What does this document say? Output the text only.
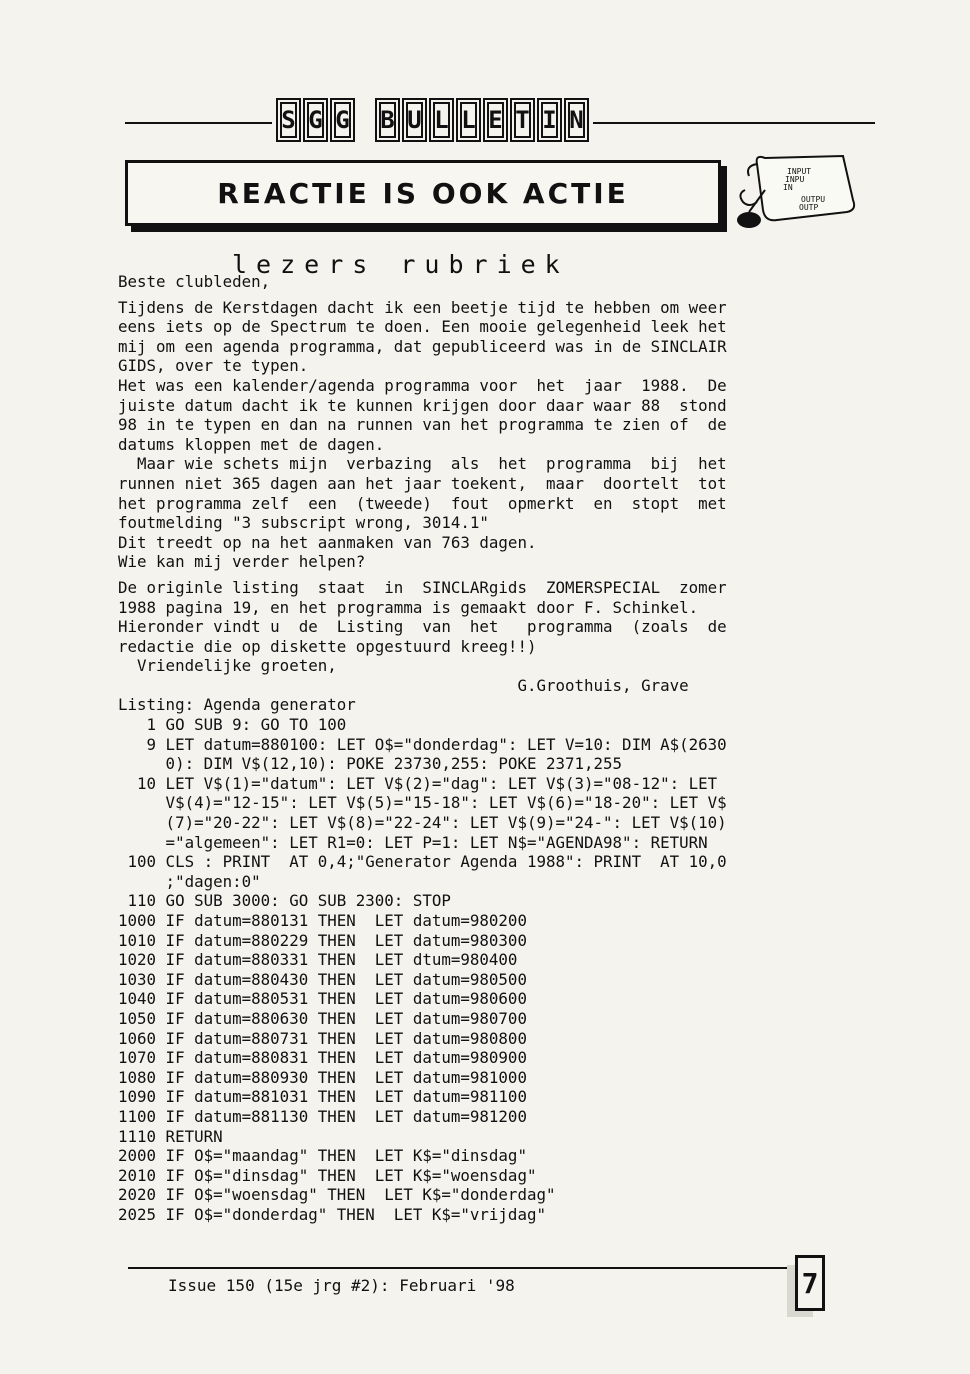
S G G B U L L E T I N
REACTIE IS OOK ACTIE
INPUT
INPU
IN
OUTPU
OUTP
lezers rubriek
Beste clubleden,
Tijdens de Kerstdagen dacht ik een beetje tijd te hebben om weer
eens iets op de Spectrum te doen. Een mooie gelegenheid leek het
mij om een agenda programma, dat gepubliceerd was in de SINCLAIR
GIDS, over te typen.
Het was een kalender/agenda programma voor  het  jaar  1988.  De
juiste datum dacht ik te kunnen krijgen door daar waar 88  stond
98 in te typen en dan na runnen van het programma te zien of  de
datums kloppen met de dagen.
Maar wie schets mijn  verbazing  als  het  programma  bij  het
runnen niet 365 dagen aan het jaar toekent,  maar  doortelt  tot
het programma zelf  een  (tweede)  fout  opmerkt  en  stopt  met
foutmelding "3 subscript wrong, 3014.1"
Dit treedt op na het aanmaken van 763 dagen.
Wie kan mij verder helpen?
De originle listing  staat  in  SINCLARgids  ZOMERSPECIAL  zomer
1988 pagina 19, en het programma is gemaakt door F. Schinkel.
Hieronder vindt u  de  Listing  van  het   programma  (zoals  de
redactie die op diskette opgestuurd kreeg!!)
Vriendelijke groeten,
G.Groothuis, Grave
Listing: Agenda generator
1 GO SUB 9: GO TO 100
9 LET datum=880100: LET O$="donderdag": LET V=10: DIM A$(2630
0): DIM V$(12,10): POKE 23730,255: POKE 2371,255
10 LET V$(1)="datum": LET V$(2)="dag": LET V$(3)="08-12": LET
V$(4)="12-15": LET V$(5)="15-18": LET V$(6)="18-20": LET V$
(7)="20-22": LET V$(8)="22-24": LET V$(9)="24-": LET V$(10)
="algemeen": LET R1=0: LET P=1: LET N$="AGENDA98": RETURN
100 CLS : PRINT  AT 0,4;"Generator Agenda 1988": PRINT  AT 10,0
;"dagen:0"
110 GO SUB 3000: GO SUB 2300: STOP
1000 IF datum=880131 THEN  LET datum=980200
1010 IF datum=880229 THEN  LET datum=980300
1020 IF datum=880331 THEN  LET dtum=980400
1030 IF datum=880430 THEN  LET datum=980500
1040 IF datum=880531 THEN  LET datum=980600
1050 IF datum=880630 THEN  LET datum=980700
1060 IF datum=880731 THEN  LET datum=980800
1070 IF datum=880831 THEN  LET datum=980900
1080 IF datum=880930 THEN  LET datum=981000
1090 IF datum=881031 THEN  LET datum=981100
1100 IF datum=881130 THEN  LET datum=981200
1110 RETURN
2000 IF O$="maandag" THEN  LET K$="dinsdag"
2010 IF O$="dinsdag" THEN  LET K$="woensdag"
2020 IF O$="woensdag" THEN  LET K$="donderdag"
2025 IF O$="donderdag" THEN  LET K$="vrijdag"
Issue 150 (15e jrg #2): Februari '98	7
